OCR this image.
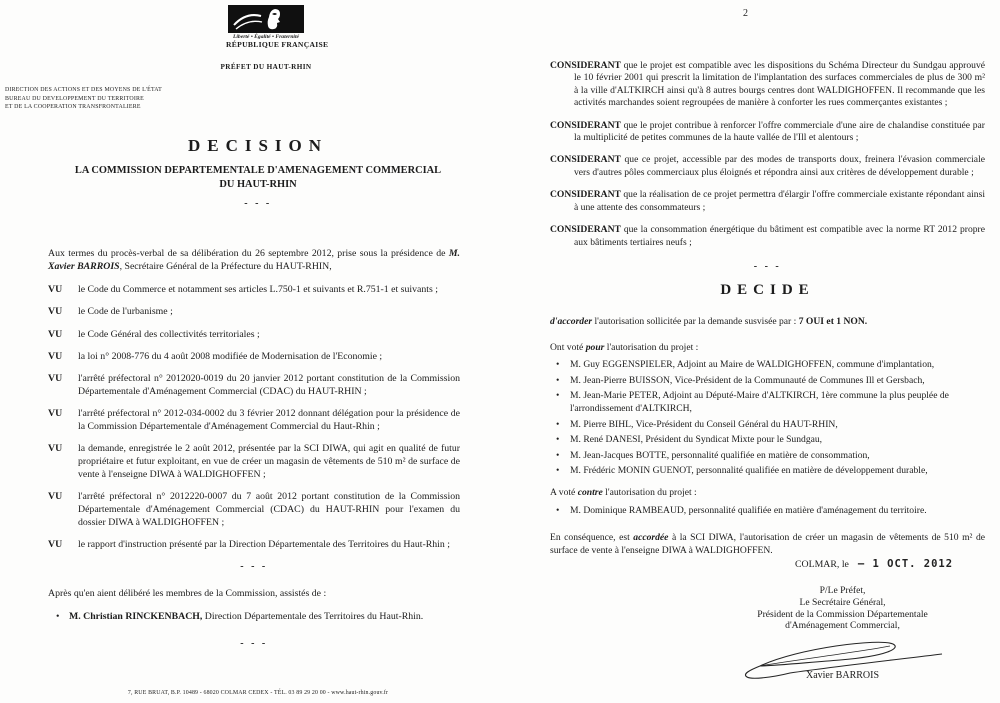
Liberté • Égalité • Fraternité
RÉPUBLIQUE FRANÇAISE
PRÉFET DU HAUT-RHIN
DIRECTION DES ACTIONS ET DES MOYENS DE L'ÉTAT
BUREAU DU DEVELOPPEMENT DU TERRITOIRE
ET DE LA COOPERATION TRANSFRONTALIERE
DECISION
LA COMMISSION DEPARTEMENTALE D'AMENAGEMENT COMMERCIAL
DU HAUT-RHIN
- - -

Aux termes du procès-verbal de sa délibération du 26 septembre 2012, prise sous la présidence de M. Xavier BARROIS, Secrétaire Général de la Préfecture du HAUT-RHIN,

VU	le Code du Commerce et notamment ses articles L.750-1 et suivants et R.751-1 et suivants ;
VU	le Code de l'urbanisme ;
VU	le Code Général des collectivités territoriales ;
VU	la loi n° 2008-776 du 4 août 2008 modifiée de Modernisation de l'Economie ;
VU	l'arrêté préfectoral n° 2012020-0019 du 20 janvier 2012 portant constitution de la Commission Départementale d'Aménagement Commercial (CDAC) du HAUT-RHIN ;
VU	l'arrêté préfectoral n° 2012-034-0002 du 3 février 2012 donnant délégation pour la présidence de la Commission Départementale d'Aménagement Commercial du Haut-Rhin ;
VU	la demande, enregistrée le 2 août 2012, présentée par la SCI DIWA, qui agit en qualité de futur propriétaire et futur exploitant, en vue de créer un magasin de vêtements de 510 m² de surface de vente à l'enseigne DIWA à WALDIGHOFFEN ;
VU	l'arrêté préfectoral n° 2012220-0007 du 7 août 2012 portant constitution de la Commission Départementale d'Aménagement Commercial (CDAC) du HAUT-RHIN pour l'examen du dossier DIWA à WALDIGHOFFEN ;
VU	le rapport d'instruction présenté par la Direction Départementale des Territoires du Haut-Rhin ;
- - -
Après qu'en aient délibéré les membres de la Commission, assistés de :
• M. Christian RINCKENBACH, Direction Départementale des Territoires du Haut-Rhin.
- - -
7, RUE BRUAT, B.P. 10489 - 68020 COLMAR CEDEX - TÉL. 03 89 29 20 00 - www.haut-rhin.gouv.fr
2

CONSIDERANT que le projet est compatible avec les dispositions du Schéma Directeur du Sundgau approuvé le 10 février 2001 qui prescrit la limitation de l'implantation des surfaces commerciales de plus de 300 m² à la ville d'ALTKIRCH ainsi qu'à 8 autres bourgs centres dont WALDIGHOFFEN. Il recommande que les activités marchandes soient regroupées de manière à conforter les rues commerçantes existantes ;

CONSIDERANT que le projet contribue à renforcer l'offre commerciale d'une aire de chalandise constituée par la multiplicité de petites communes de la haute vallée de l'Ill et alentours ;

CONSIDERANT que ce projet, accessible par des modes de transports doux, freinera l'évasion commerciale vers d'autres pôles commerciaux plus éloignés et répondra ainsi aux critères de développement durable ;

CONSIDERANT que la réalisation de ce projet permettra d'élargir l'offre commerciale existante répondant ainsi à une attente des consommateurs ;

CONSIDERANT que la consommation énergétique du bâtiment est compatible avec la norme RT 2012 propre aux bâtiments tertiaires neufs ;

- - -
DECIDE
d'accorder l'autorisation sollicitée par la demande susvisée par : 7 OUI et 1 NON.
Ont voté pour l'autorisation du projet :
•	M. Guy EGGENSPIELER, Adjoint au Maire de WALDIGHOFFEN, commune d'implantation,
•	M. Jean-Pierre BUISSON, Vice-Président de la Communauté de Communes Ill et Gersbach,
•	M. Jean-Marie PETER, Adjoint au Député-Maire d'ALTKIRCH, 1ère commune la plus peuplée de l'arrondissement d'ALTKIRCH,
•	M. Pierre BIHL, Vice-Président du Conseil Général du HAUT-RHIN,
•	M. René DANESI, Président du Syndicat Mixte pour le Sundgau,
•	M. Jean-Jacques BOTTE, personnalité qualifiée en matière de consommation,
•	M. Frédéric MONIN GUENOT, personnalité qualifiée en matière de développement durable,
A voté contre l'autorisation du projet :
•	M. Dominique RAMBEAUD, personnalité qualifiée en matière d'aménagement du territoire.
En conséquence, est accordée à la SCI DIWA, l'autorisation de créer un magasin de vêtements de 510 m² de surface de vente à l'enseigne DIWA à WALDIGHOFFEN.
COLMAR, le – 1 OCT. 2012
P/Le Préfet,
Le Secrétaire Général,
Président de la Commission Départementale
d'Aménagement Commercial,
Xavier BARROIS
